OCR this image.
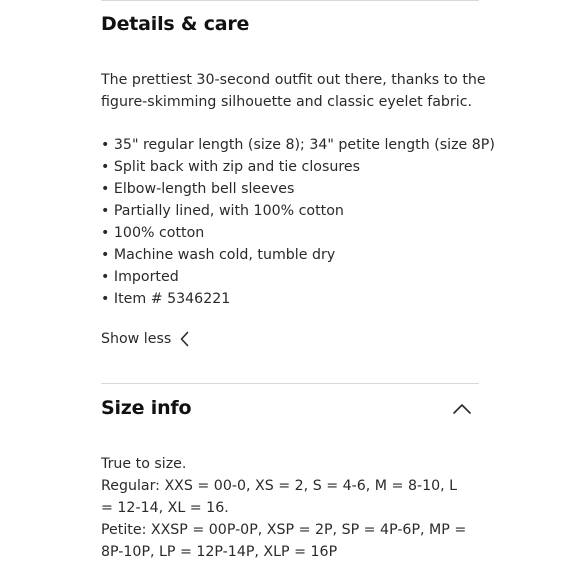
Details & care

The prettiest 30-second outfit out there, thanks to the figure-skimming silhouette and classic eyelet fabric.

• 35" regular length (size 8); 34" petite length (size 8P)
• Split back with zip and tie closures
• Elbow-length bell sleeves
• Partially lined, with 100% cotton
• 100% cotton
• Machine wash cold, tumble dry
• Imported
• Item # 5346221
Show less
Size info

True to size.

Regular: XXS = 00-0, XS = 2, S = 4-6, M = 8-10, L = 12-14, XL = 16.

Petite: XXSP = 00P-0P, XSP = 2P, SP = 4P-6P, MP = 8P-10P, LP = 12P-14P, XLP = 16P
